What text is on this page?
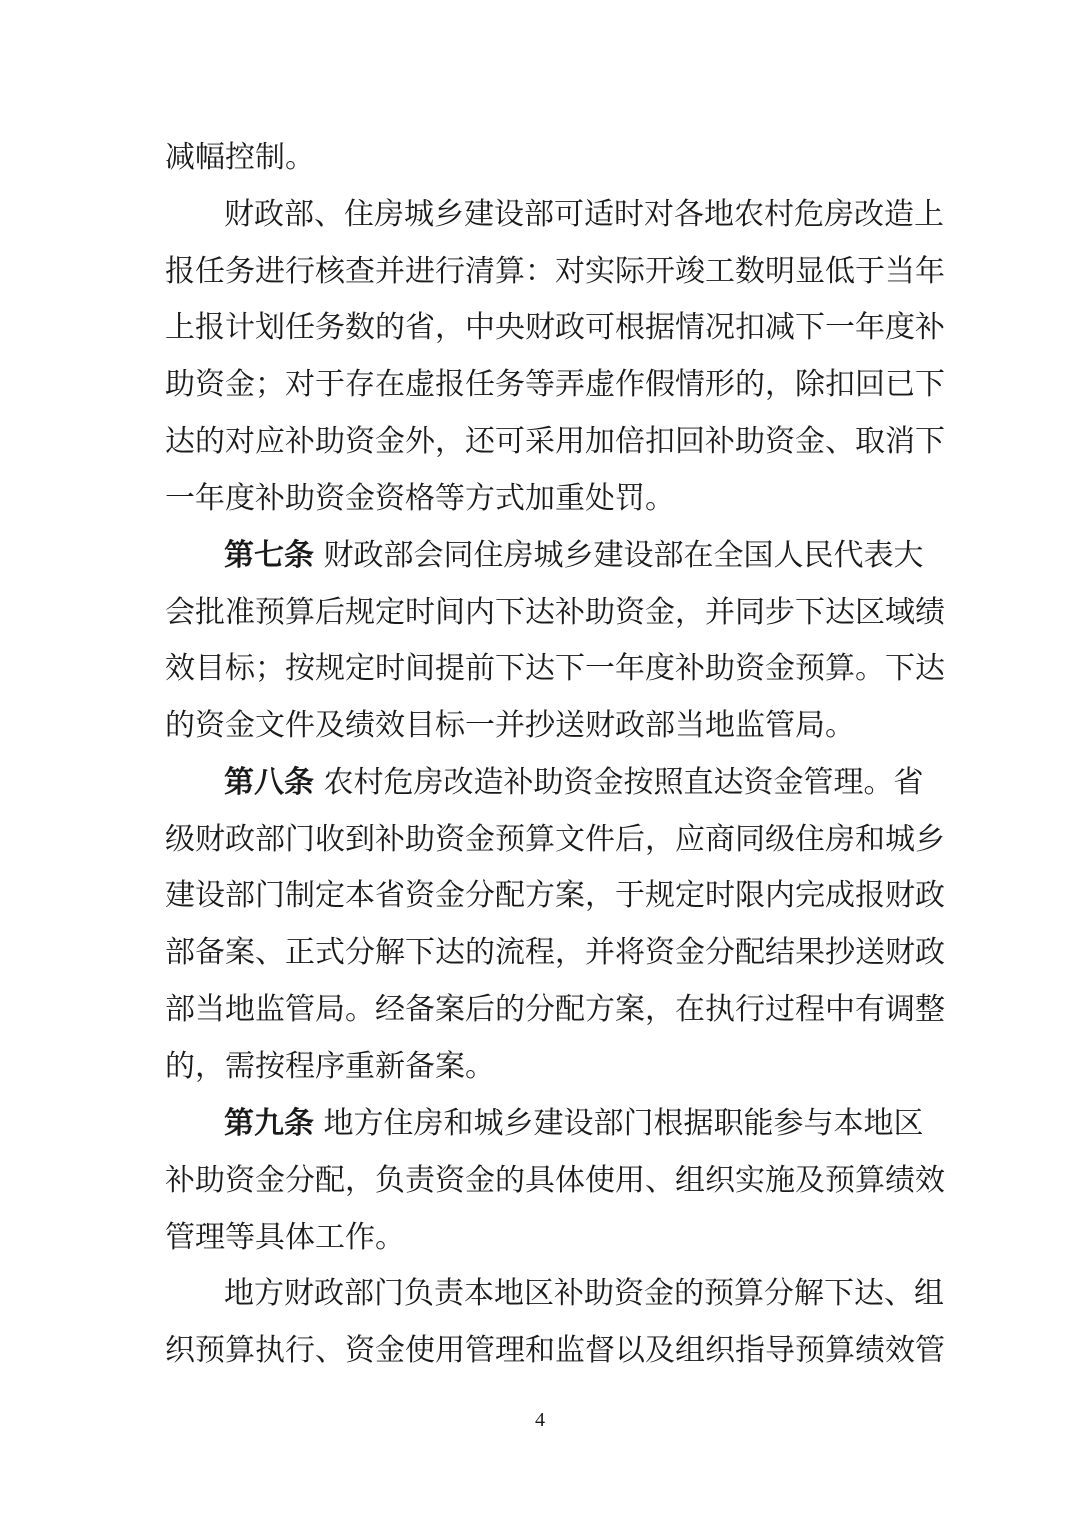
减幅控制。
财政部、住房城乡建设部可适时对各地农村危房改造上
报任务进行核查并进行清算：对实际开竣工数明显低于当年
上报计划任务数的省，中央财政可根据情况扣减下一年度补
助资金；对于存在虚报任务等弄虚作假情形的，除扣回已下
达的对应补助资金外，还可采用加倍扣回补助资金、取消下
一年度补助资金资格等方式加重处罚。
第七条 财政部会同住房城乡建设部在全国人民代表大
会批准预算后规定时间内下达补助资金，并同步下达区域绩
效目标；按规定时间提前下达下一年度补助资金预算。下达
的资金文件及绩效目标一并抄送财政部当地监管局。
第八条 农村危房改造补助资金按照直达资金管理。省
级财政部门收到补助资金预算文件后，应商同级住房和城乡
建设部门制定本省资金分配方案，于规定时限内完成报财政
部备案、正式分解下达的流程，并将资金分配结果抄送财政
部当地监管局。经备案后的分配方案，在执行过程中有调整
的，需按程序重新备案。
第九条 地方住房和城乡建设部门根据职能参与本地区
补助资金分配，负责资金的具体使用、组织实施及预算绩效
管理等具体工作。
地方财政部门负责本地区补助资金的预算分解下达、组
织预算执行、资金使用管理和监督以及组织指导预算绩效管
4
